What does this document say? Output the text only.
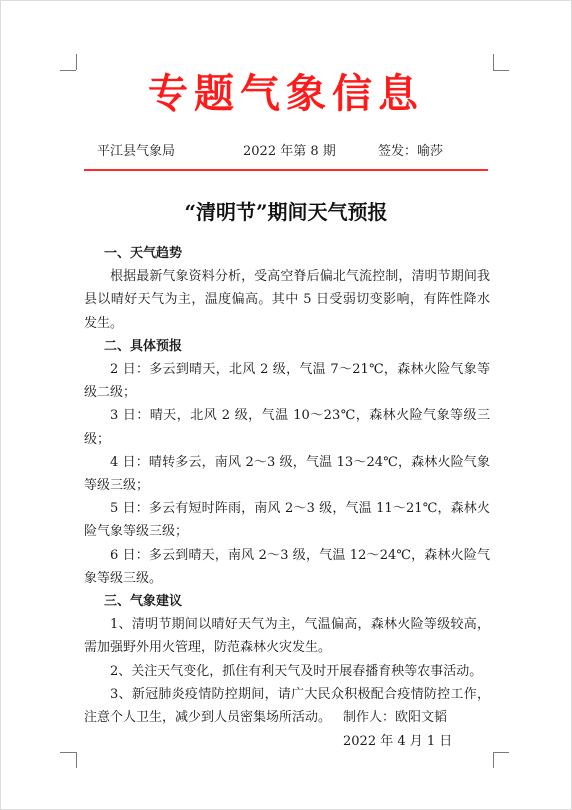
专题气象信息
平江县气象局	2022 年第 8 期	签发：喻莎
“清明节”期间天气预报

一、天气趋势

根据最新气象资料分析，受高空脊后偏北气流控制，清明节期间我县以晴好天气为主，温度偏高。其中 5 日受弱切变影响，有阵性降水发生。

二、具体预报

2 日：多云到晴天，北风 2 级，气温 7～21℃，森林火险气象等级二级；

3 日：晴天，北风 2 级，气温 10～23℃，森林火险气象等级三级；

4 日：晴转多云，南风 2～3 级，气温 13～24℃，森林火险气象等级三级；

5 日：多云有短时阵雨，南风 2～3 级，气温 11～21℃，森林火险气象等级三级；

6 日：多云到晴天，南风 2～3 级，气温 12～24℃，森林火险气象等级三级。

三、气象建议

1、清明节期间以晴好天气为主，气温偏高，森林火险等级较高，需加强野外用火管理，防范森林火灾发生。

2、关注天气变化，抓住有利天气及时开展春播育秧等农事活动。

3、新冠肺炎疫情防控期间，请广大民众积极配合疫情防控工作，注意个人卫生，减少到人员密集场所活动。 制作人：欧阳文韬
2022 年 4 月 1 日
